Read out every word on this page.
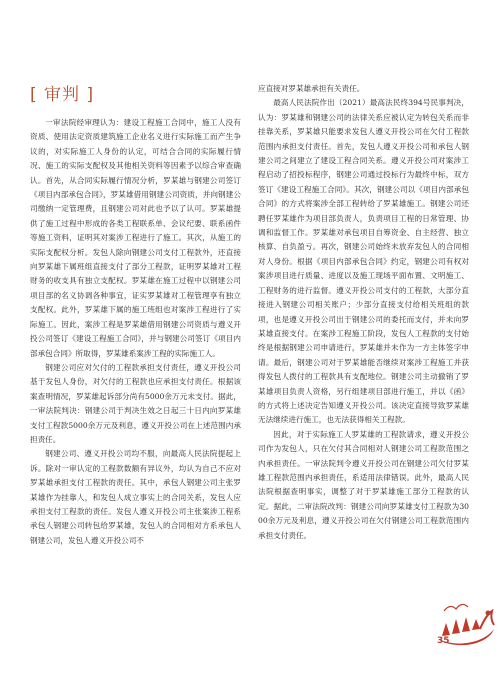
[ 审判 ]

一审法院经审理认为：建设工程施工合同中，施工人没有资质、使用法定资质建筑施工企业名义进行实际施工而产生争议的，对实际施工人身份的认定，可结合合同的实际履行情况、施工的实际支配权及其他相关资料等因素予以综合审查确认。首先，从合同实际履行情况分析，罗某雄与钢建公司签订《项目内部承包合同》，罗某雄借用钢建公司资质，并向钢建公司缴纳一定管理费，且钢建公司对此也予以了认可。罗某雄提供了施工过程中形成的各类工程联系单、会议纪要、联系函件等施工资料，证明其对案涉工程进行了施工。其次，从施工的实际支配权分析。发包人除向钢建公司支付工程款外，还直接向罗某雄下属班组直接支付了部分工程款，证明罗某雄对工程财务的收支具有独立支配权。罗某雄在施工过程中以钢建公司项目部的名义协调各种事宜，证实罗某雄对工程管理享有独立支配权。此外，罗某雄下属的施工班组也对案涉工程进行了实际施工。因此，案涉工程是罗某雄借用钢建公司资质与遵义开投公司签订《建设工程施工合同》，并与钢建公司签订《项目内部承包合同》所取得，罗某雄系案涉工程的实际施工人。

钢建公司应对欠付的工程款承担支付责任，遵义开投公司基于发包人身份，对欠付的工程款也应承担支付责任。根据该案查明情况，罗某雄起诉部分尚有5000余万元未支付。据此，一审法院判决：钢建公司于判决生效之日起三十日内向罗某雄支付工程款5000余万元及利息，遵义开投公司在上述范围内承担责任。

钢建公司、遵义开投公司均不服，向最高人民法院提起上诉。除对一审认定的工程款数额有异议外，均认为自己不应对罗某雄承担支付工程款的责任。其中，承包人钢建公司主张罗某雄作为挂靠人，和发包人成立事实上的合同关系，发包人应承担支付工程款的责任。发包人遵义开投公司主张案涉工程系承包人钢建公司转包给罗某雄，发包人的合同相对方系承包人钢建公司，发包人遵义开投公司不

应直接对罗某雄承担有关责任。

最高人民法院作出（2021）最高法民终394号民事判决，认为：罗某雄和钢建公司的法律关系应被认定为转包关系而非挂靠关系，罗某雄只能要求发包人遵义开投公司在欠付工程款范围内承担支付责任。首先，发包人遵义开投公司和承包人钢建公司之间建立了建设工程合同关系。遵义开投公司对案涉工程启动了招投标程序，钢建公司通过投标行为最终中标，双方签订《建设工程施工合同》。其次，钢建公司以《项目内部承包合同》的方式将案涉全部工程转给了罗某雄施工。钢建公司还聘任罗某雄作为项目部负责人，负责项目工程的日常管理、协调和监督工作。罗某雄对承包项目自筹资金、自主经营、独立核算、自负盈亏。再次，钢建公司始终未放弃发包人的合同相对人身份。根据《项目内部承包合同》约定，钢建公司有权对案涉项目进行质量、进度以及施工现场平面布置、文明施工、工程财务的进行监督。遵义开投公司支付的工程款，大部分直接进入钢建公司相关账户；少部分直接支付给相关班组的款项，也是遵义开投公司出于钢建公司的委托而支付，并未向罗某雄直接支付。在案涉工程施工阶段，发包人工程款的支付始终是根据钢建公司申请进行，罗某雄并未作为一方主体签字申请。最后，钢建公司对于罗某雄能否继续对案涉工程施工并获得发包人拨付的工程款具有支配地位。钢建公司主动撤销了罗某雄项目负责人资格，另行组建项目部进行施工，并以《函》的方式将上述决定告知遵义开投公司。该决定直接导致罗某雄无法继续进行施工，也无法获得相关工程款。

因此，对于实际施工人罗某雄的工程款请求，遵义开投公司作为发包人，只在欠付其合同相对人钢建公司工程款范围之内承担责任。一审法院判令遵义开投公司在钢建公司欠付罗某雄工程款范围内承担责任，系适用法律错误。此外，最高人民法院根据查明事实，调整了对于罗某雄施工部分工程款的认定。据此，二审法院改判：钢建公司向罗某雄支付工程款为3000余万元及利息，遵义开投公司在欠付钢建公司工程款范围内承担支付责任。

35
